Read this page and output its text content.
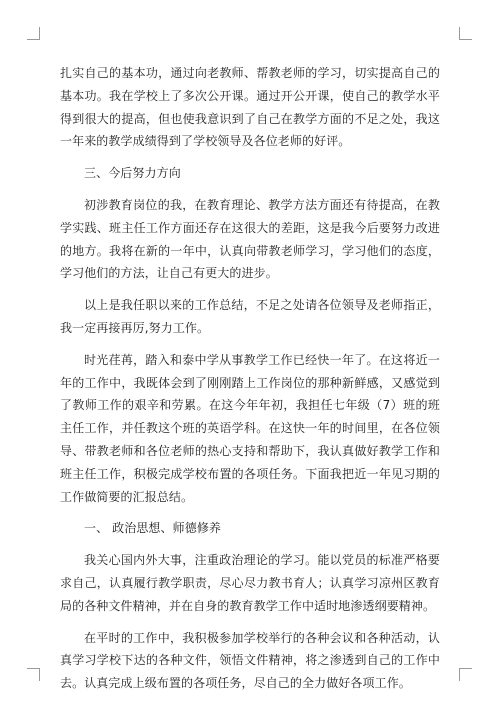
扎实自己的基本功，通过向老教师、帮教老师的学习，切实提高自己的基本功。我在学校上了多次公开课。通过开公开课，使自己的教学水平得到很大的提高，但也使我意识到了自己在教学方面的不足之处，我这一年来的教学成绩得到了学校领导及各位老师的好评。

三、今后努力方向

初涉教育岗位的我，在教育理论、教学方法方面还有待提高，在教学实践、班主任工作方面还存在这很大的差距，这是我今后要努力改进的地方。我将在新的一年中，认真向带教老师学习，学习他们的态度，学习他们的方法，让自己有更大的进步。

以上是我任职以来的工作总结，不足之处请各位领导及老师指正，我一定再接再厉,努力工作。

时光荏苒，踏入和泰中学从事教学工作已经快一年了。在这将近一年的工作中，我既体会到了刚刚踏上工作岗位的那种新鲜感，又感觉到了教师工作的艰辛和劳累。在这今年年初，我担任七年级（7）班的班主任工作，并任教这个班的英语学科。在这快一年的时间里，在各位领导、带教老师和各位老师的热心支持和帮助下，我认真做好教学工作和班主任工作，积极完成学校布置的各项任务。下面我把近一年见习期的工作做简要的汇报总结。

一、 政治思想、师德修养

我关心国内外大事，注重政治理论的学习。能以党员的标准严格要求自己，认真履行教学职责，尽心尽力教书育人；认真学习凉州区教育局的各种文件精神，并在自身的教育教学工作中适时地渗透纲要精神。

在平时的工作中，我积极参加学校举行的各种会议和各种活动，认真学习学校下达的各种文件，领悟文件精神，将之渗透到自己的工作中去。认真完成上级布置的各项任务，尽自己的全力做好各项工作。
